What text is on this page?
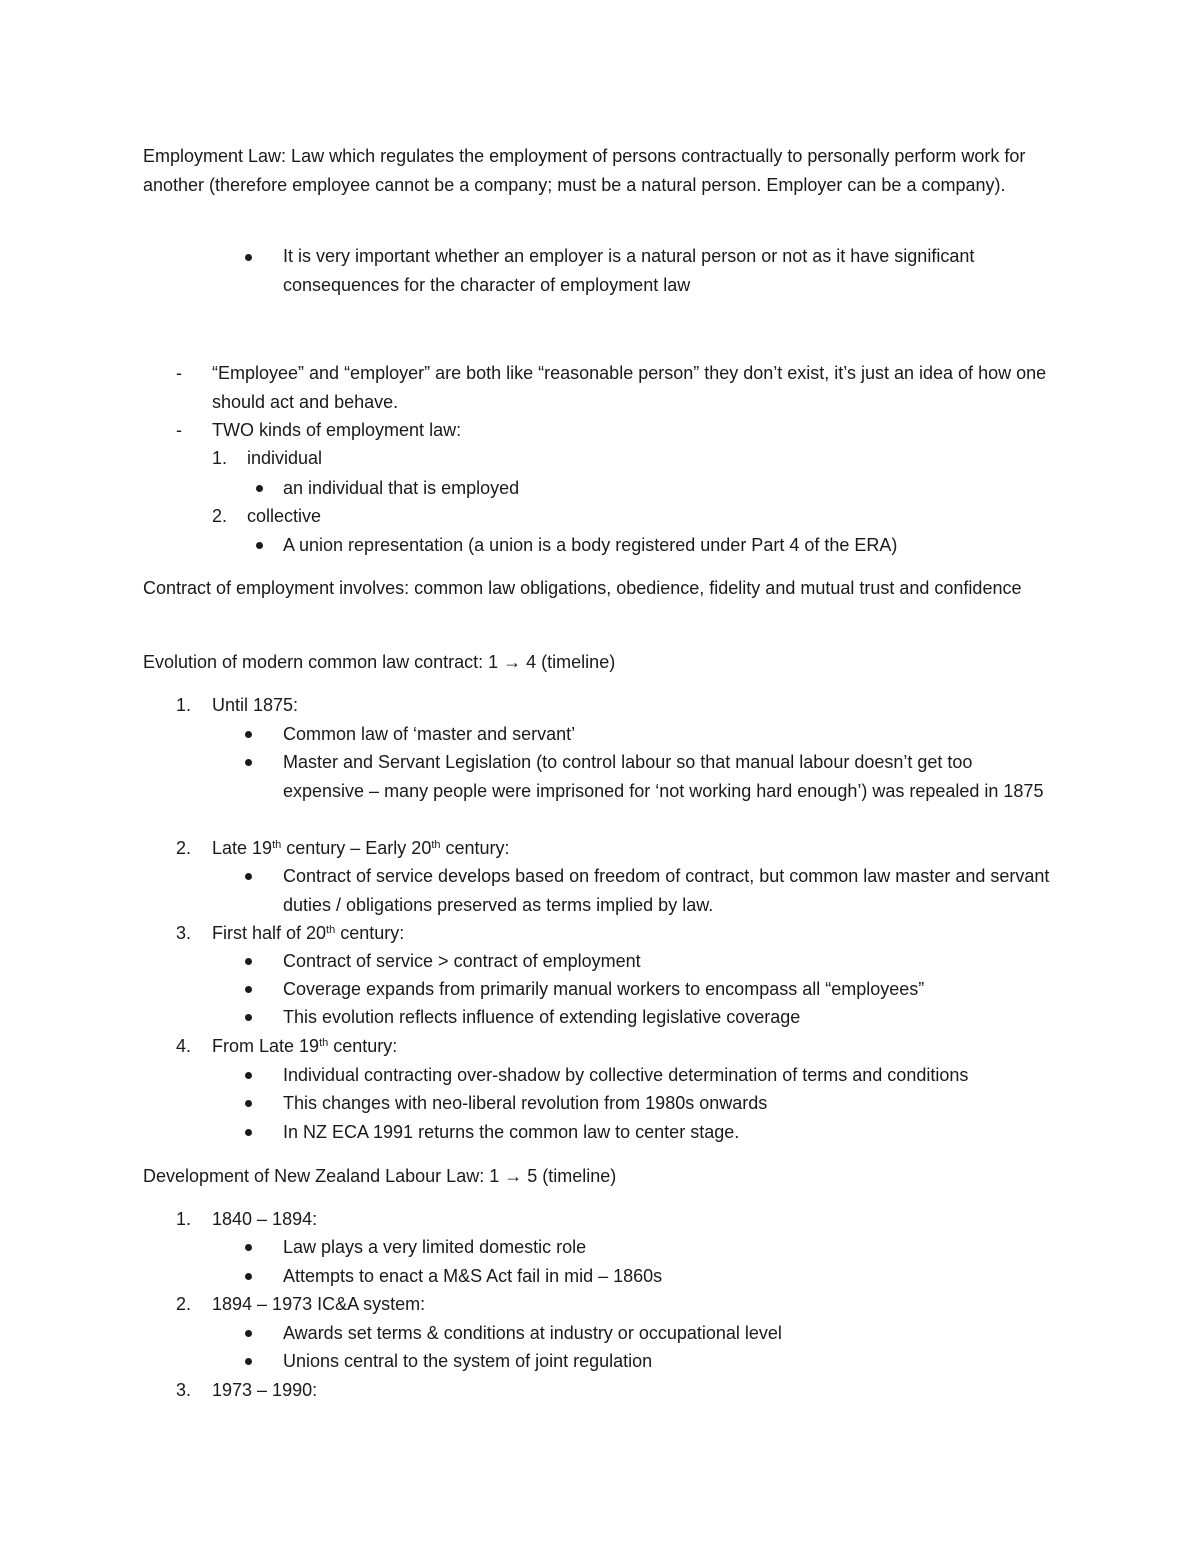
Employment Law: Law which regulates the employment of persons contractually to personally perform work for another (therefore employee cannot be a company; must be a natural person. Employer can be a company).
It is very important whether an employer is a natural person or not as it have significant consequences for the character of employment law
- “Employee” and “employer” are both like “reasonable person” they don’t exist, it’s just an idea of how one should act and behave.
- TWO kinds of employment law:
1. individual
an individual that is employed
2. collective
A union representation (a union is a body registered under Part 4 of the ERA)
Contract of employment involves: common law obligations, obedience, fidelity and mutual trust and confidence
Evolution of modern common law contract: 1 → 4 (timeline)
1. Until 1875:
Common law of ‘master and servant’
Master and Servant Legislation (to control labour so that manual labour doesn’t get too expensive – many people were imprisoned for ‘not working hard enough’) was repealed in 1875
2. Late 19th century – Early 20th century:
Contract of service develops based on freedom of contract, but common law master and servant duties / obligations preserved as terms implied by law.
3. First half of 20th century:
Contract of service > contract of employment
Coverage expands from primarily manual workers to encompass all “employees”
This evolution reflects influence of extending legislative coverage
4. From Late 19th century:
Individual contracting over-shadow by collective determination of terms and conditions
This changes with neo-liberal revolution from 1980s onwards
In NZ ECA 1991 returns the common law to center stage.
Development of New Zealand Labour Law: 1 → 5 (timeline)
1. 1840 – 1894:
Law plays a very limited domestic role
Attempts to enact a M&S Act fail in mid – 1860s
2. 1894 – 1973 IC&A system:
Awards set terms & conditions at industry or occupational level
Unions central to the system of joint regulation
3. 1973 – 1990:
